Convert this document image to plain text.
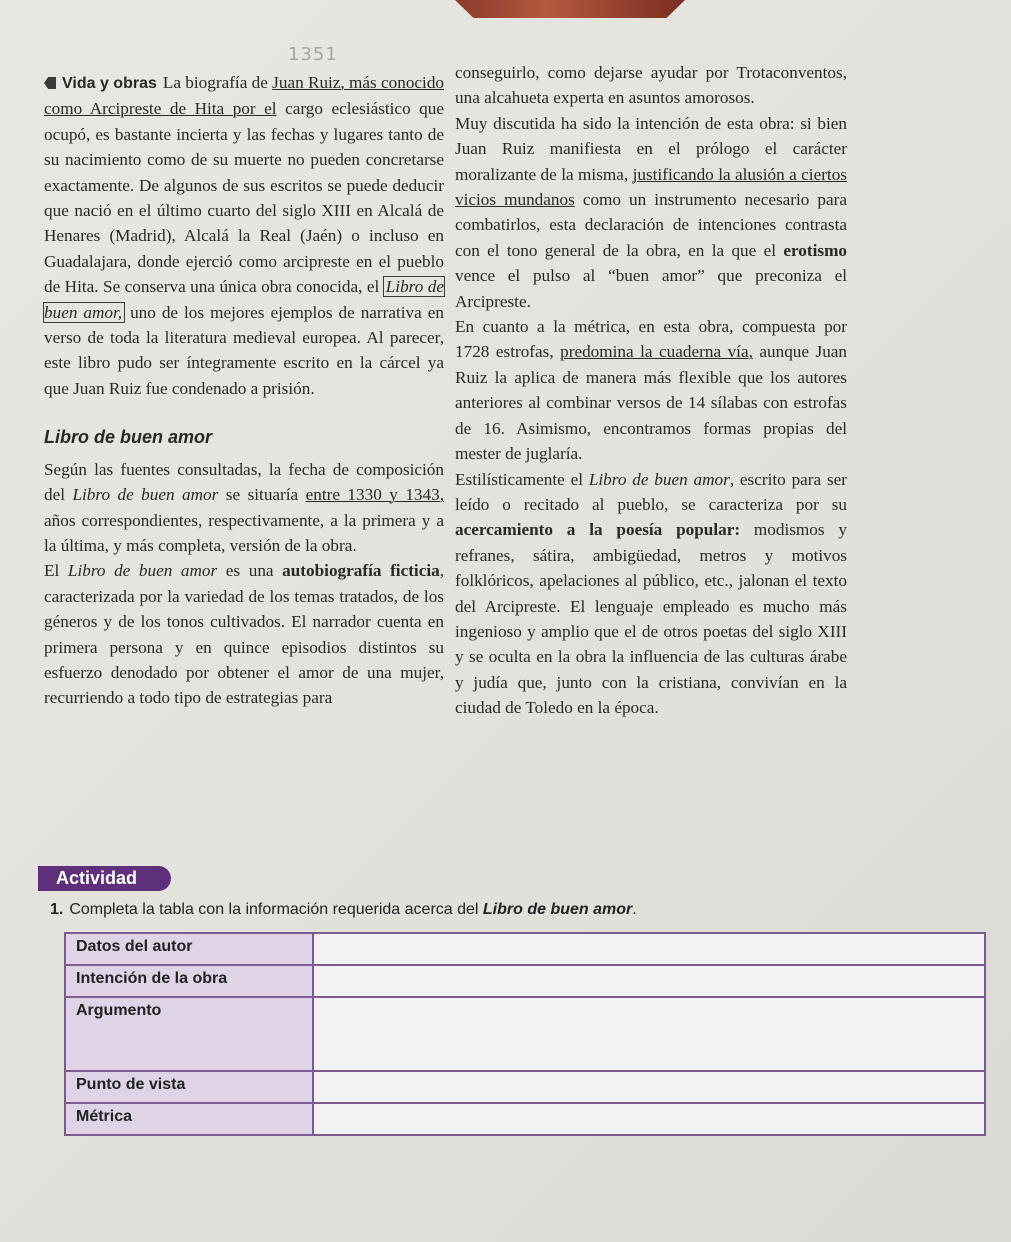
1351

Vida y obras La biografía de Juan Ruiz, más conocido como Arcipreste de Hita por el cargo eclesiástico que ocupó, es bastante incierta y las fechas y lugares tanto de su nacimiento como de su muerte no pueden concretarse exactamente. De algunos de sus escritos se puede deducir que nació en el último cuarto del siglo XIII en Alcalá de Henares (Madrid), Alcalá la Real (Jaén) o incluso en Guadalajara, donde ejerció como arcipreste en el pueblo de Hita. Se conserva una única obra conocida, el Libro de buen amor, uno de los mejores ejemplos de narrativa en verso de toda la literatura medieval europea. Al parecer, este libro pudo ser íntegramente escrito en la cárcel ya que Juan Ruiz fue condenado a prisión.

Libro de buen amor

Según las fuentes consultadas, la fecha de composición del Libro de buen amor se situaría entre 1330 y 1343, años correspondientes, respectivamente, a la primera y a la última, y más completa, versión de la obra.

El Libro de buen amor es una autobiografía ficticia, caracterizada por la variedad de los temas tratados, de los géneros y de los tonos cultivados. El narrador cuenta en primera persona y en quince episodios distintos su esfuerzo denodado por obtener el amor de una mujer, recurriendo a todo tipo de estrategias para

conseguirlo, como dejarse ayudar por Trotaconventos, una alcahueta experta en asuntos amorosos.

Muy discutida ha sido la intención de esta obra: si bien Juan Ruiz manifiesta en el prólogo el carácter moralizante de la misma, justificando la alusión a ciertos vicios mundanos como un instrumento necesario para combatirlos, esta declaración de intenciones contrasta con el tono general de la obra, en la que el erotismo vence el pulso al “buen amor” que preconiza el Arcipreste.

En cuanto a la métrica, en esta obra, compuesta por 1728 estrofas, predomina la cuaderna vía, aunque Juan Ruiz la aplica de manera más flexible que los autores anteriores al combinar versos de 14 sílabas con estrofas de 16. Asimismo, encontramos formas propias del mester de juglaría.

Estilísticamente el Libro de buen amor, escrito para ser leído o recitado al pueblo, se caracteriza por su acercamiento a la poesía popular: modismos y refranes, sátira, ambigüedad, metros y motivos folklóricos, apelaciones al público, etc., jalonan el texto del Arcipreste. El lenguaje empleado es mucho más ingenioso y amplio que el de otros poetas del siglo XIII y se oculta en la obra la influencia de las culturas árabe y judía que, junto con la cristiana, convivían en la ciudad de Toledo en la época.

Actividad
1. Completa la tabla con la información requerida acerca del Libro de buen amor.
Datos del autor
Intención de la obra
Argumento
Punto de vista
Métrica
